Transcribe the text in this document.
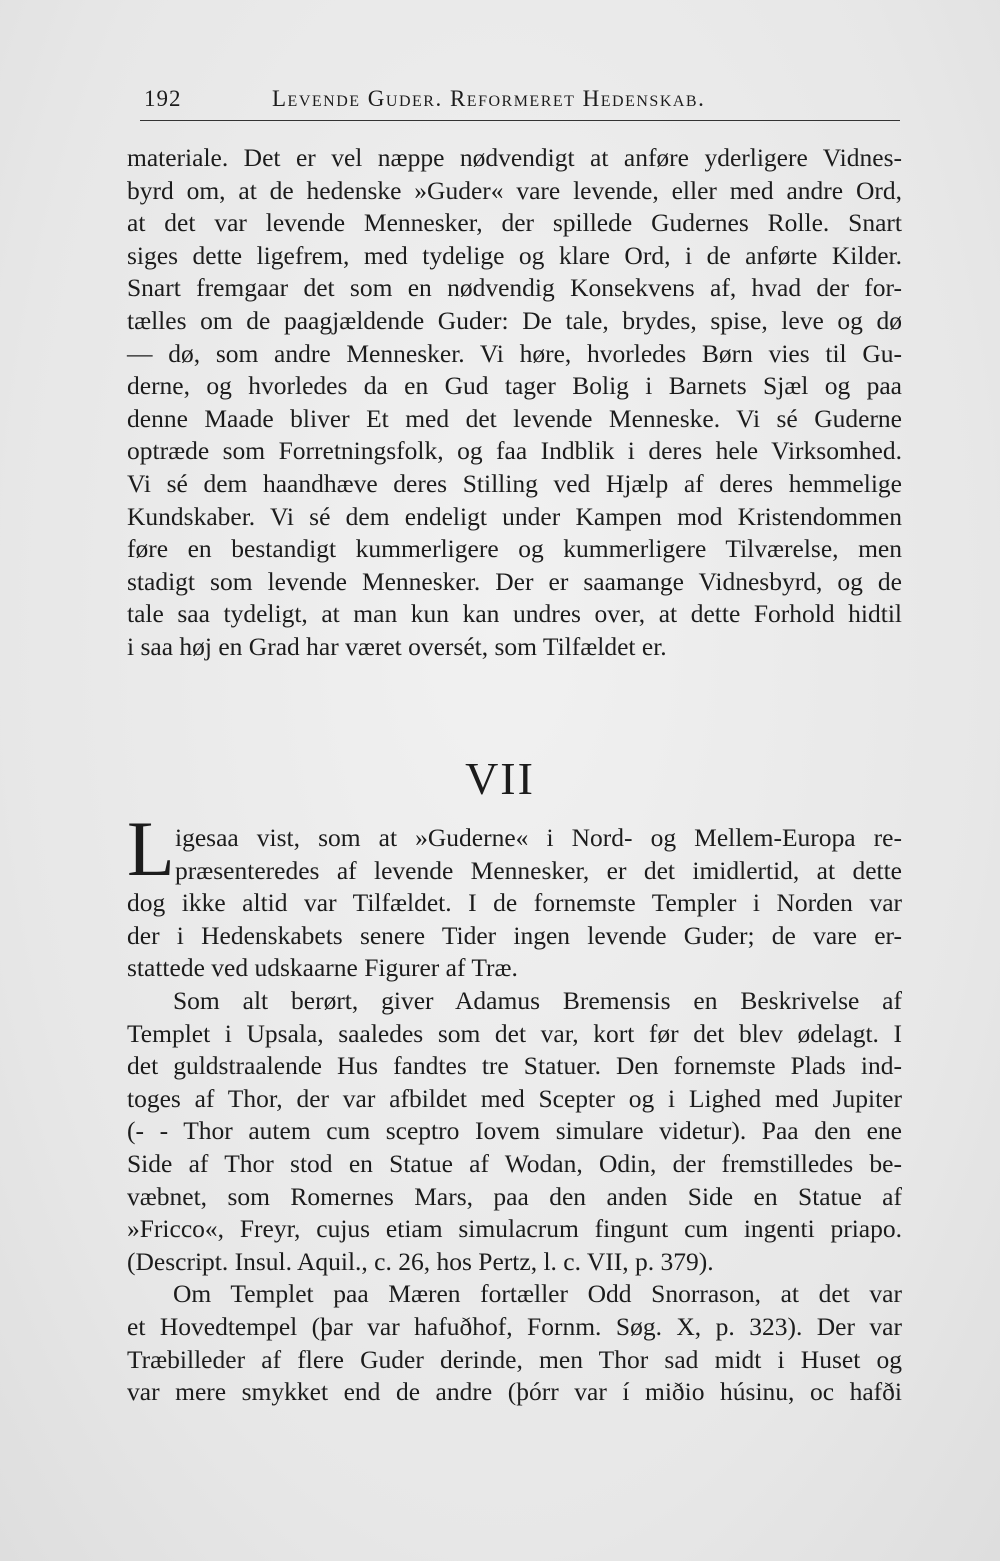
192	Levende Guder. Reformeret Hedenskab.
materiale. Det er vel næppe nødvendigt at anføre yderligere Vidnes-
byrd om, at de hedenske »Guder« vare levende, eller med andre Ord,
at det var levende Mennesker, der spillede Gudernes Rolle. Snart
siges dette ligefrem, med tydelige og klare Ord, i de anførte Kilder.
Snart fremgaar det som en nødvendig Konsekvens af, hvad der for-
tælles om de paagjældende Guder: De tale, brydes, spise, leve og dø
— dø, som andre Mennesker. Vi høre, hvorledes Børn vies til Gu-
derne, og hvorledes da en Gud tager Bolig i Barnets Sjæl og paa
denne Maade bliver Et med det levende Menneske. Vi sé Guderne
optræde som Forretningsfolk, og faa Indblik i deres hele Virksomhed.
Vi sé dem haandhæve deres Stilling ved Hjælp af deres hemmelige
Kundskaber. Vi sé dem endeligt under Kampen mod Kristendommen
føre en bestandigt kummerligere og kummerligere Tilværelse, men
stadigt som levende Mennesker. Der er saamange Vidnesbyrd, og de
tale saa tydeligt, at man kun kan undres over, at dette Forhold hidtil
i saa høj en Grad har været oversét, som Tilfældet er.
VII
L igesaa vist, som at »Guderne« i Nord- og Mellem-Europa re-
præsenteredes af levende Mennesker, er det imidlertid, at dette
dog ikke altid var Tilfældet. I de fornemste Templer i Norden var
der i Hedenskabets senere Tider ingen levende Guder; de vare er-
stattede ved udskaarne Figurer af Træ.
Som alt berørt, giver Adamus Bremensis en Beskrivelse af
Templet i Upsala, saaledes som det var, kort før det blev ødelagt. I
det guldstraalende Hus fandtes tre Statuer. Den fornemste Plads ind-
toges af Thor, der var afbildet med Scepter og i Lighed med Jupiter
(- - Thor autem cum sceptro Iovem simulare videtur). Paa den ene
Side af Thor stod en Statue af Wodan, Odin, der fremstilledes be-
væbnet, som Romernes Mars, paa den anden Side en Statue af
»Fricco«, Freyr, cujus etiam simulacrum fingunt cum ingenti priapo.
(Descript. Insul. Aquil., c. 26, hos Pertz, l. c. VII, p. 379).
Om Templet paa Mæren fortæller Odd Snorrason, at det var
et Hovedtempel (þar var hafuðhof, Fornm. Søg. X, p. 323). Der var
Træbilleder af flere Guder derinde, men Thor sad midt i Huset og
var mere smykket end de andre (þórr var í miðio húsinu, oc hafði
